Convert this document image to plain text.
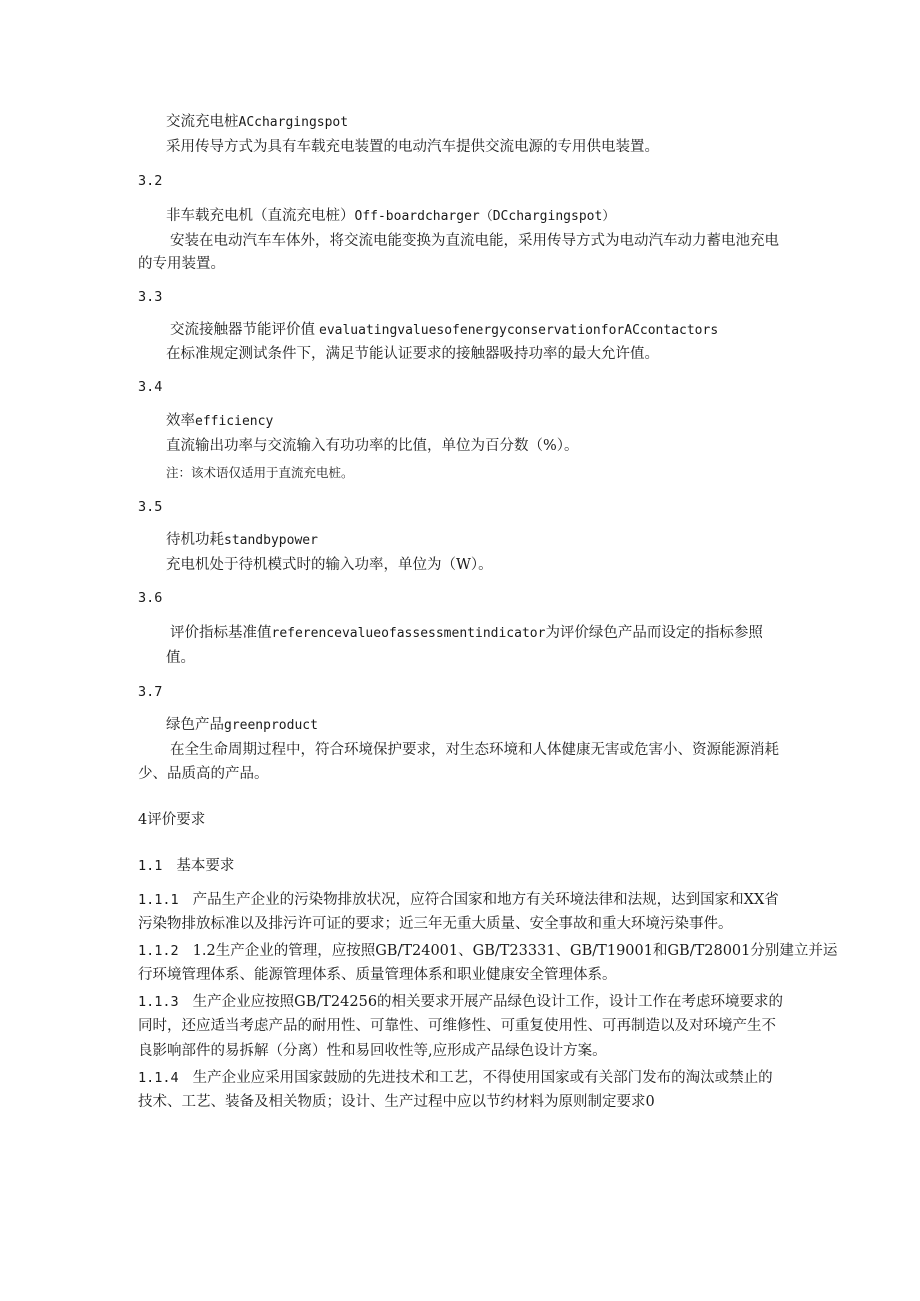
交流充电桩ACchargingspot
采用传导方式为具有车载充电装置的电动汽车提供交流电源的专用供电装置。
3.2
非车载充电机（直流充电桩）Off-boardcharger（DCchargingspot）
安装在电动汽车车体外，将交流电能变换为直流电能，采用传导方式为电动汽车动力蓄电池充电
的专用装置。
3.3
交流接触器节能评价值 evaluatingvaluesofenergyconservationforACcontactors
在标准规定测试条件下，满足节能认证要求的接触器吸持功率的最大允许值。
3.4
效率efficiency
直流输出功率与交流输入有功功率的比值，单位为百分数（%）。
注：该术语仅适用于直流充电桩。
3.5
待机功耗standbypower
充电机处于待机模式时的输入功率，单位为（W）。
3.6
评价指标基准值referencevalueofassessmentindicator为评价绿色产品而设定的指标参照
值。
3.7
绿色产品greenproduct
在全生命周期过程中，符合环境保护要求，对生态环境和人体健康无害或危害小、资源能源消耗
少、品质高的产品。
4评价要求
1.1 基本要求
1.1.1 产品生产企业的污染物排放状况，应符合国家和地方有关环境法律和法规，达到国家和XX省
污染物排放标准以及排污许可证的要求；近三年无重大质量、安全事故和重大环境污染事件。
1.1.2 1.2生产企业的管理，应按照GB/T24001、GB/T23331、GB/T19001和GB/T28001分别建立并运
行环境管理体系、能源管理体系、质量管理体系和职业健康安全管理体系。
1.1.3 生产企业应按照GB/T24256的相关要求开展产品绿色设计工作，设计工作在考虑环境要求的
同时，还应适当考虑产品的耐用性、可靠性、可维修性、可重复使用性、可再制造以及对环境产生不
良影响部件的易拆解（分离）性和易回收性等,应形成产品绿色设计方案。
1.1.4 生产企业应采用国家鼓励的先进技术和工艺，不得使用国家或有关部门发布的淘汰或禁止的
技术、工艺、装备及相关物质；设计、生产过程中应以节约材料为原则制定要求0
